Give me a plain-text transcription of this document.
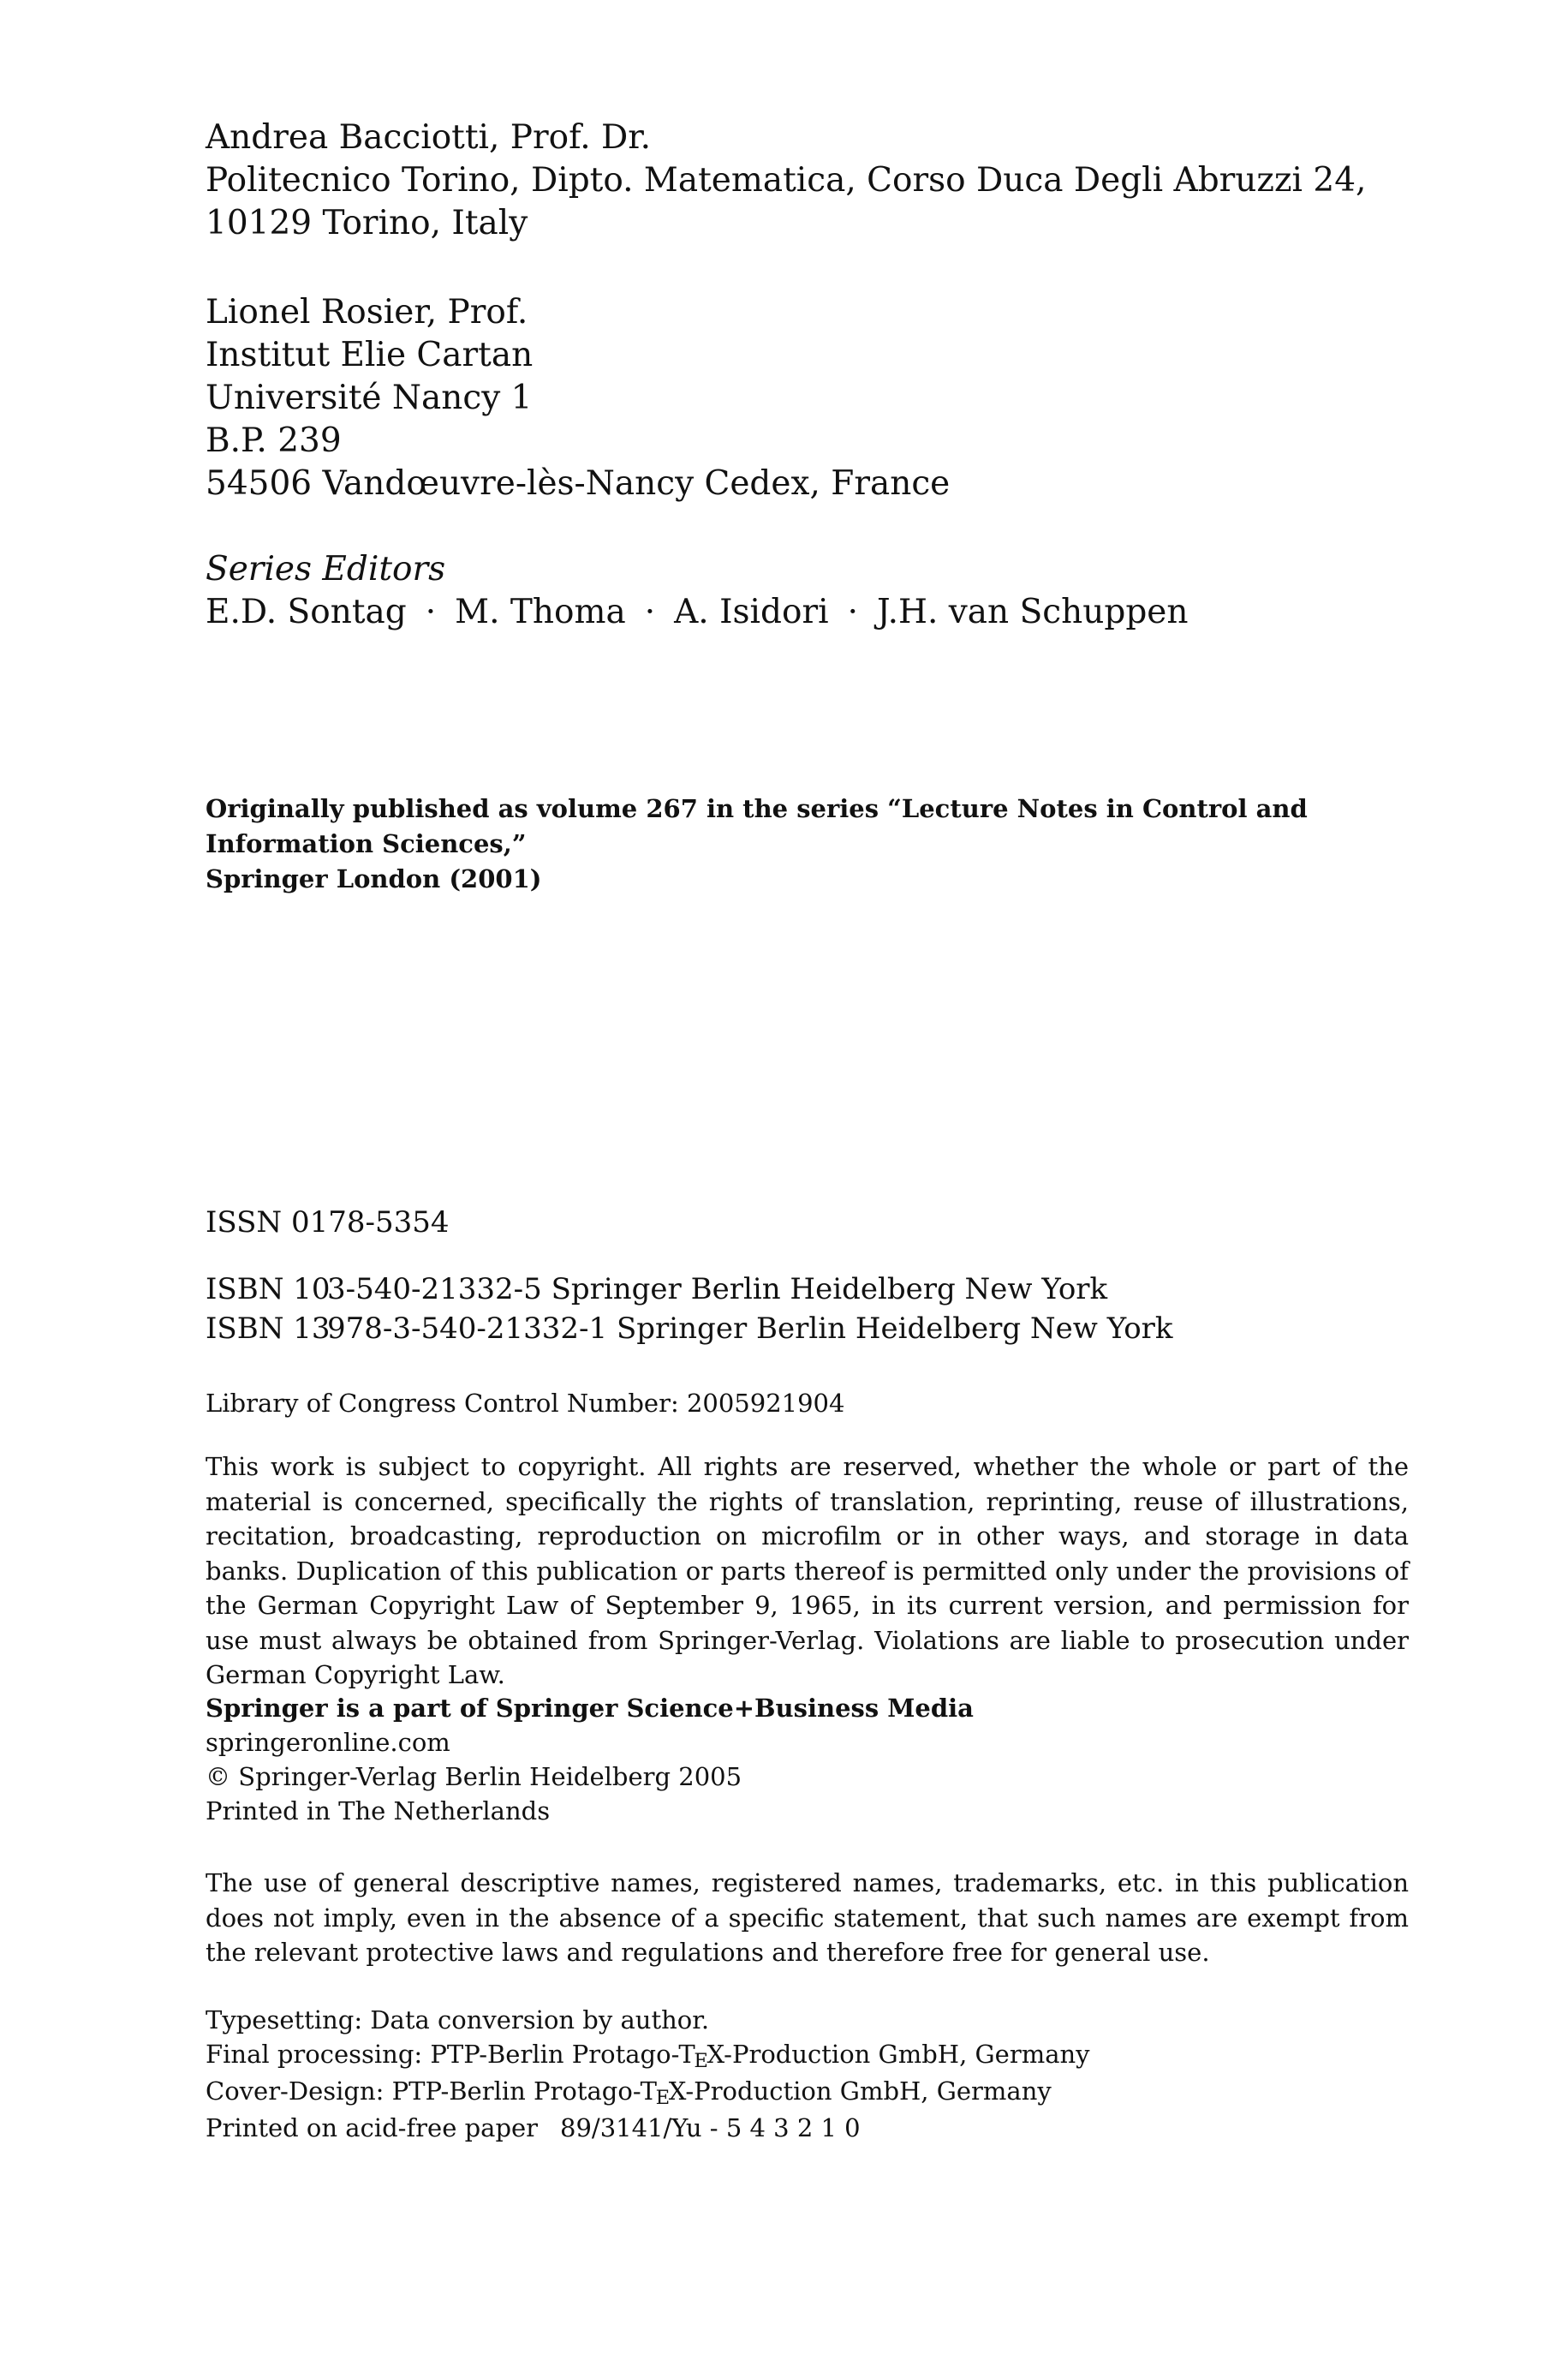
Andrea Bacciotti, Prof. Dr.
Politecnico Torino, Dipto. Matematica, Corso Duca Degli Abruzzi 24,
10129 Torino, Italy
Lionel Rosier, Prof.
Institut Elie Cartan
Université Nancy 1
B.P. 239
54506 Vandœuvre-lès-Nancy Cedex, France
Series Editors
E.D. Sontag · M. Thoma · A. Isidori · J.H. van Schuppen
Originally published as volume 267 in the series “Lecture Notes in Control and Information Sciences,”
Springer London (2001)
ISSN 0178-5354
ISBN 103-540-21332-5 Springer Berlin Heidelberg New York
ISBN 13978-3-540-21332-1 Springer Berlin Heidelberg New York
Library of Congress Control Number: 2005921904
This work is subject to copyright. All rights are reserved, whether the whole or part of the material is concerned, specifically the rights of translation, reprinting, reuse of illustrations, recitation, broadcasting, reproduction on microfilm or in other ways, and storage in data banks. Duplication of this publication or parts thereof is permitted only under the provisions of the German Copyright Law of September 9, 1965, in its current version, and permission for use must always be obtained from Springer-Verlag. Violations are liable to prosecution under German Copyright Law.
Springer is a part of Springer Science+Business Media
springeronline.com
© Springer-Verlag Berlin Heidelberg 2005
Printed in The Netherlands
The use of general descriptive names, registered names, trademarks, etc. in this publication does not imply, even in the absence of a specific statement, that such names are exempt from the relevant protective laws and regulations and therefore free for general use.
Typesetting: Data conversion by author.
Final processing: PTP-Berlin Protago-TEX-Production GmbH, Germany
Cover-Design: PTP-Berlin Protago-TEX-Production GmbH, Germany
Printed on acid-free paper 89/3141/Yu - 5 4 3 2 1 0
